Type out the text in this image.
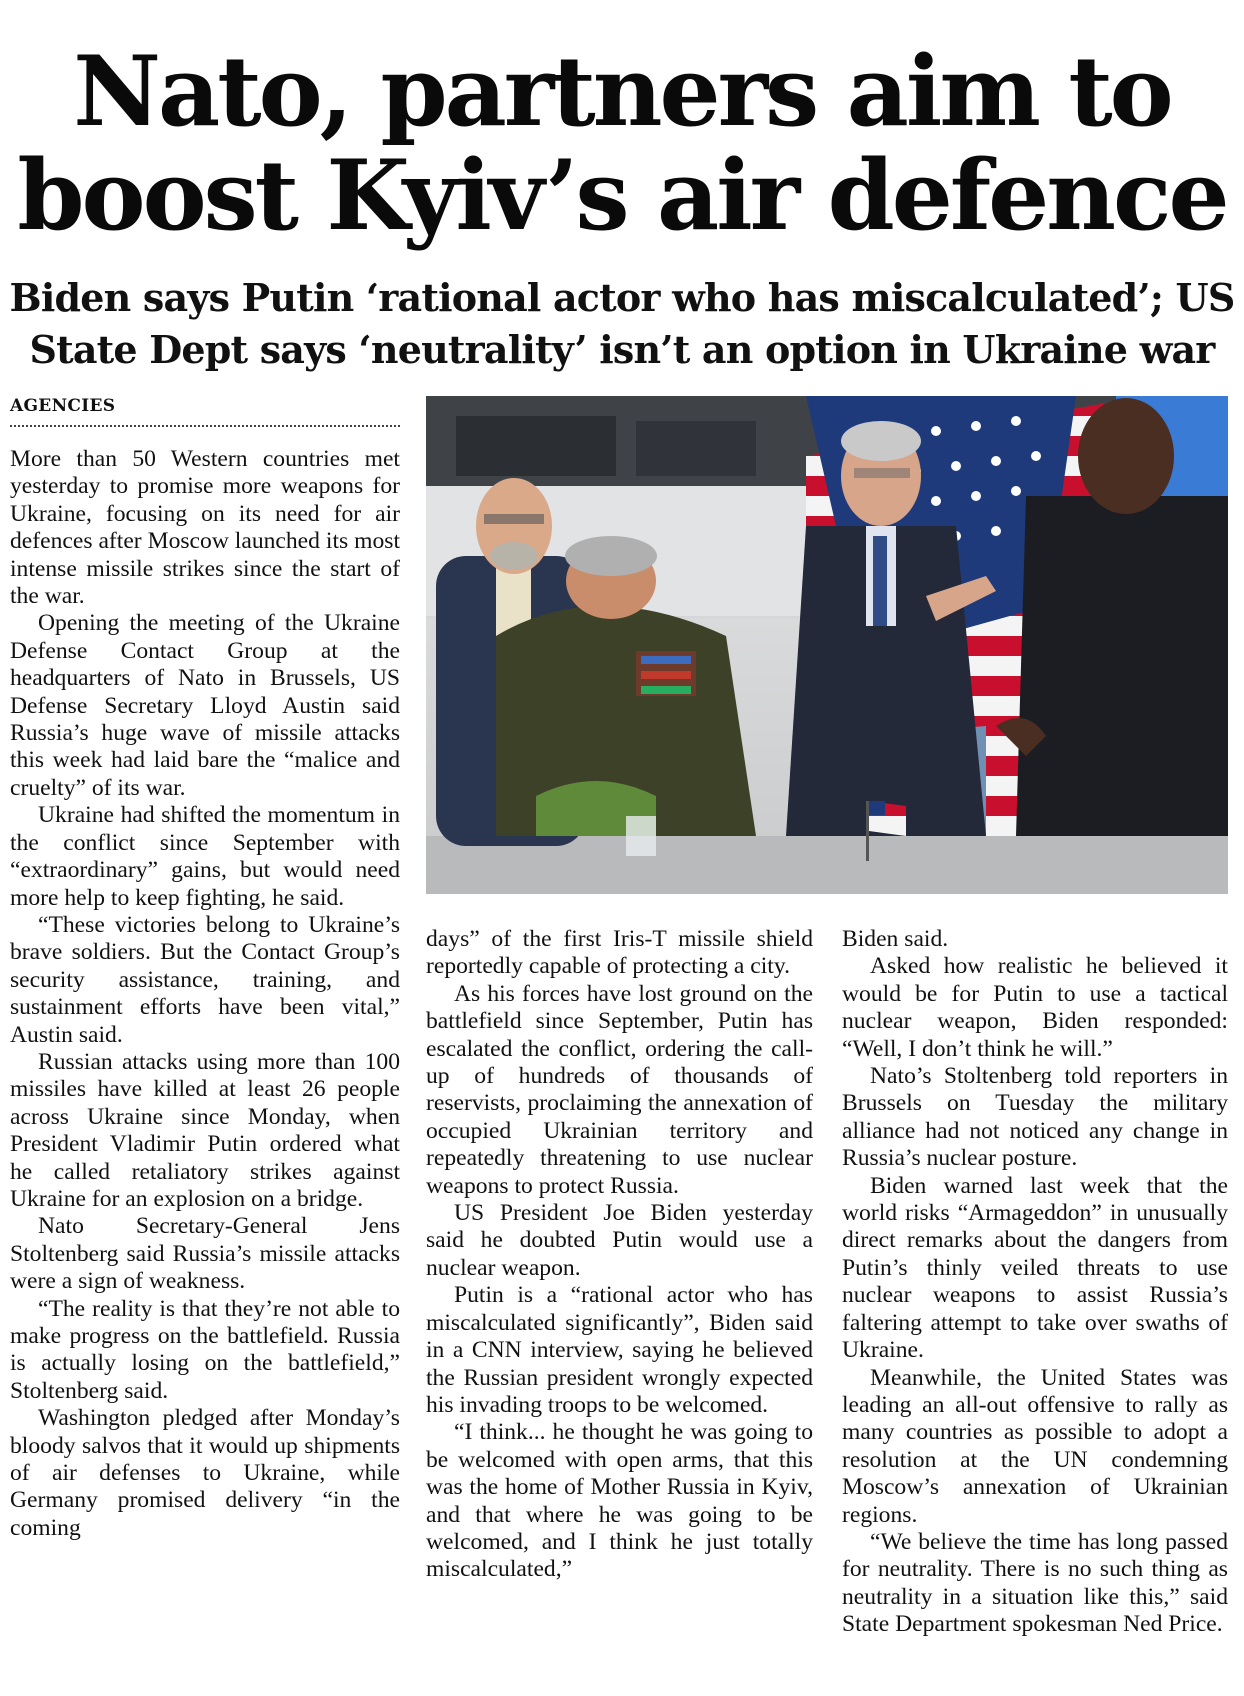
Nato, partners aim to
boost Kyiv’s air defence
Biden says Putin ‘rational actor who has miscalculated’; US
State Dept says ‘neutrality’ isn’t an option in Ukraine war
AGENCIES

More than 50 Western countries met yesterday to promise more weapons for Ukraine, focusing on its need for air defences after Moscow launched its most intense missile strikes since the start of the war.

Opening the meeting of the Ukraine Defense Contact Group at the headquarters of Nato in Brussels, US Defense Secretary Lloyd Austin said Russia’s huge wave of missile attacks this week had laid bare the “malice and cruelty” of its war.

Ukraine had shifted the momentum in the conflict since September with “extraordinary” gains, but would need more help to keep fighting, he said.

“These victories belong to Ukraine’s brave soldiers. But the Contact Group’s security assistance, training, and sustainment efforts have been vital,” Austin said.

Russian attacks using more than 100 missiles have killed at least 26 people across Ukraine since Monday, when President Vladimir Putin ordered what he called retaliatory strikes against Ukraine for an explosion on a bridge.

Nato Secretary-General Jens Stoltenberg said Russia’s missile attacks were a sign of weakness.

“The reality is that they’re not able to make progress on the battlefield. Russia is actually losing on the battlefield,” Stoltenberg said.

Washington pledged after Monday’s bloody salvos that it would up shipments of air defenses to Ukraine, while Germany promised delivery “in the coming

days” of the first Iris-T missile shield reportedly capable of protecting a city.

As his forces have lost ground on the battlefield since September, Putin has escalated the conflict, ordering the call-up of hundreds of thousands of reservists, proclaiming the annexation of occupied Ukrainian territory and repeatedly threatening to use nuclear weapons to protect Russia.

US President Joe Biden yesterday said he doubted Putin would use a nuclear weapon.

Putin is a “rational actor who has miscalculated significantly”, Biden said in a CNN interview, saying he believed the Russian president wrongly expected his invading troops to be welcomed.

“I think... he thought he was going to be welcomed with open arms, that this was the home of Mother Russia in Kyiv, and that where he was going to be welcomed, and I think he just totally miscalculated,”

Biden said.

Asked how realistic he believed it would be for Putin to use a tactical nuclear weapon, Biden responded: “Well, I don’t think he will.”

Nato’s Stoltenberg told reporters in Brussels on Tuesday the military alliance had not noticed any change in Russia’s nuclear posture.

Biden warned last week that the world risks “Armageddon” in unusually direct remarks about the dangers from Putin’s thinly veiled threats to use nuclear weapons to assist Russia’s faltering attempt to take over swaths of Ukraine.

Meanwhile, the United States was leading an all-out offensive to rally as many countries as possible to adopt a resolution at the UN condemning Moscow’s annexation of Ukrainian regions.

“We believe the time has long passed for neutrality. There is no such thing as neutrality in a situation like this,” said State Department spokesman Ned Price.
